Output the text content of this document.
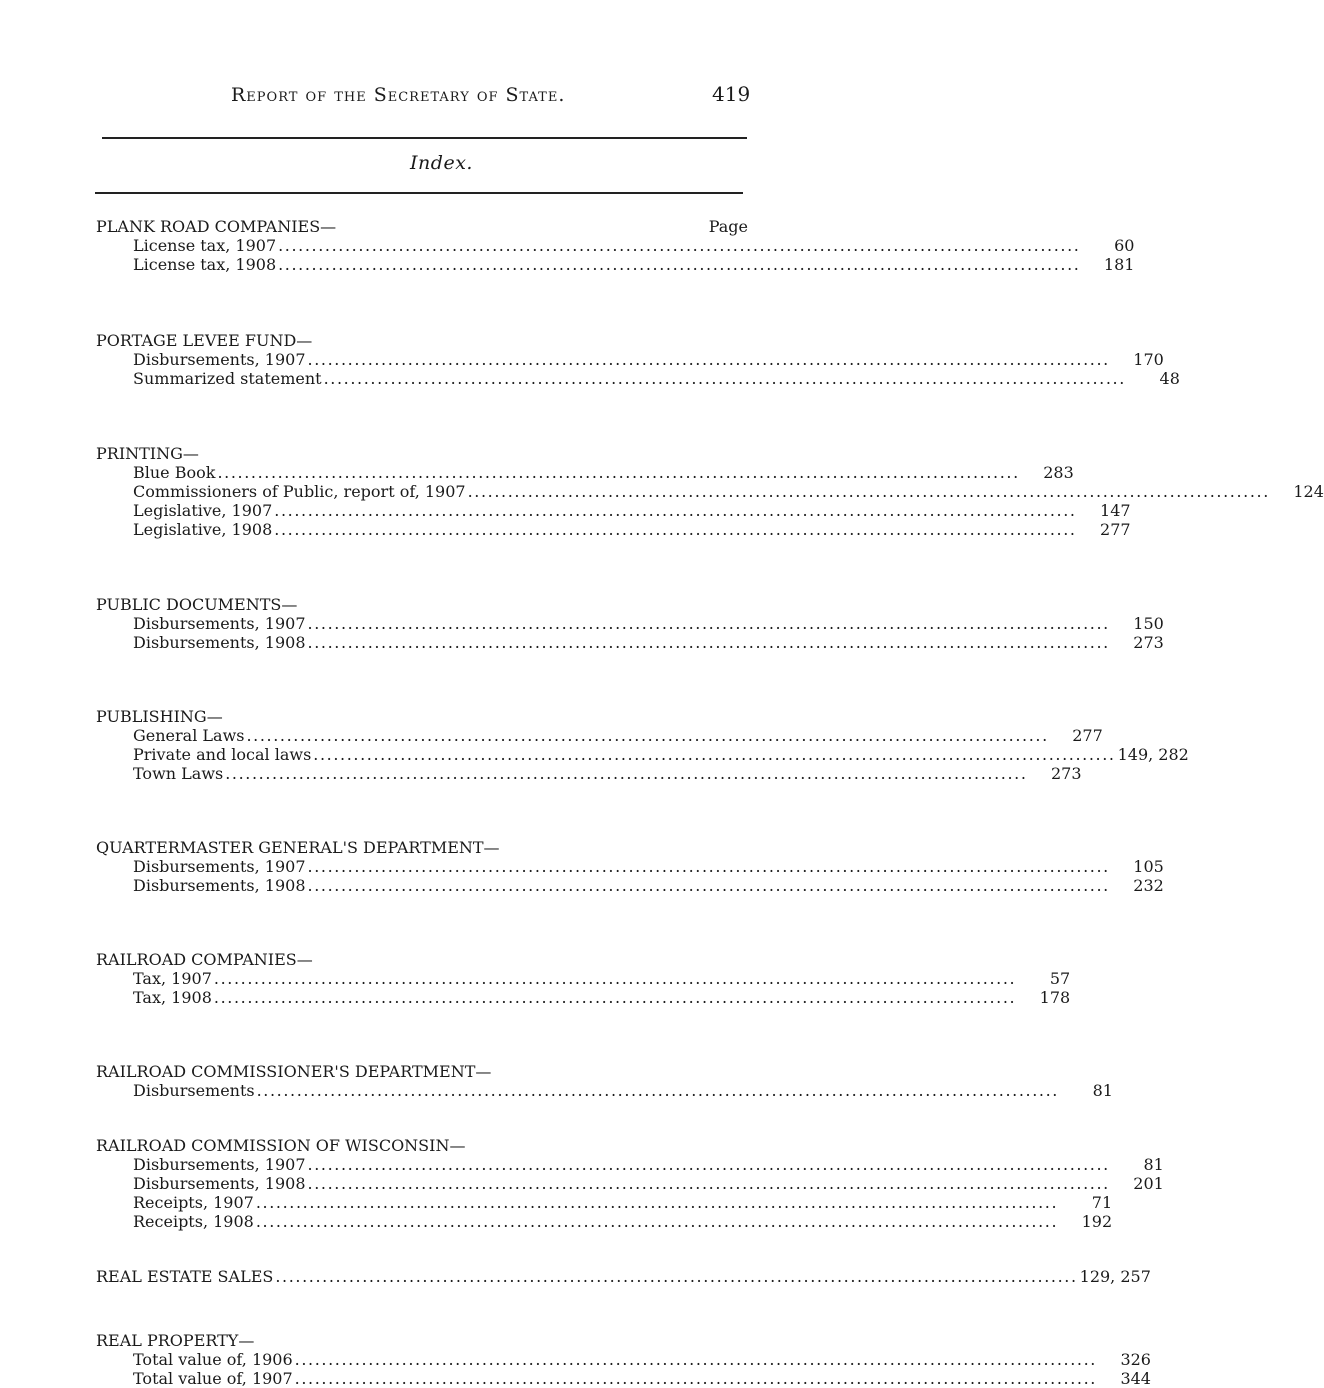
Report of the Secretary of State.	419
Index.
PLANK ROAD COMPANIES—	Page
License tax, 1907 ........................................................................................................................	60
License tax, 1908 ........................................................................................................................	181
PORTAGE LEVEE FUND—
Disbursements, 1907 ........................................................................................................................	170
Summarized statement ........................................................................................................................	48
PRINTING—
Blue Book ........................................................................................................................	283
Commissioners of Public, report of, 1907 ........................................................................................................................	124
Legislative, 1907 ........................................................................................................................	147
Legislative, 1908 ........................................................................................................................	277
PUBLIC DOCUMENTS—
Disbursements, 1907 ........................................................................................................................	150
Disbursements, 1908 ........................................................................................................................	273
PUBLISHING—
General Laws ........................................................................................................................	277
Private and local laws ........................................................................................................................ 149, 282
Town Laws ........................................................................................................................	273
QUARTERMASTER GENERAL'S DEPARTMENT—
Disbursements, 1907 ........................................................................................................................	105
Disbursements, 1908 ........................................................................................................................	232
RAILROAD COMPANIES—
Tax, 1907 ........................................................................................................................	57
Tax, 1908 ........................................................................................................................	178
RAILROAD COMMISSIONER'S DEPARTMENT—
Disbursements ........................................................................................................................	81
RAILROAD COMMISSION OF WISCONSIN—
Disbursements, 1907 ........................................................................................................................	81
Disbursements, 1908 ........................................................................................................................	201
Receipts, 1907 ........................................................................................................................	71
Receipts, 1908 ........................................................................................................................	192
REAL ESTATE SALES ........................................................................................................................ 129, 257
REAL PROPERTY—
Total value of, 1906 ........................................................................................................................	326
Total value of, 1907 ........................................................................................................................	344
